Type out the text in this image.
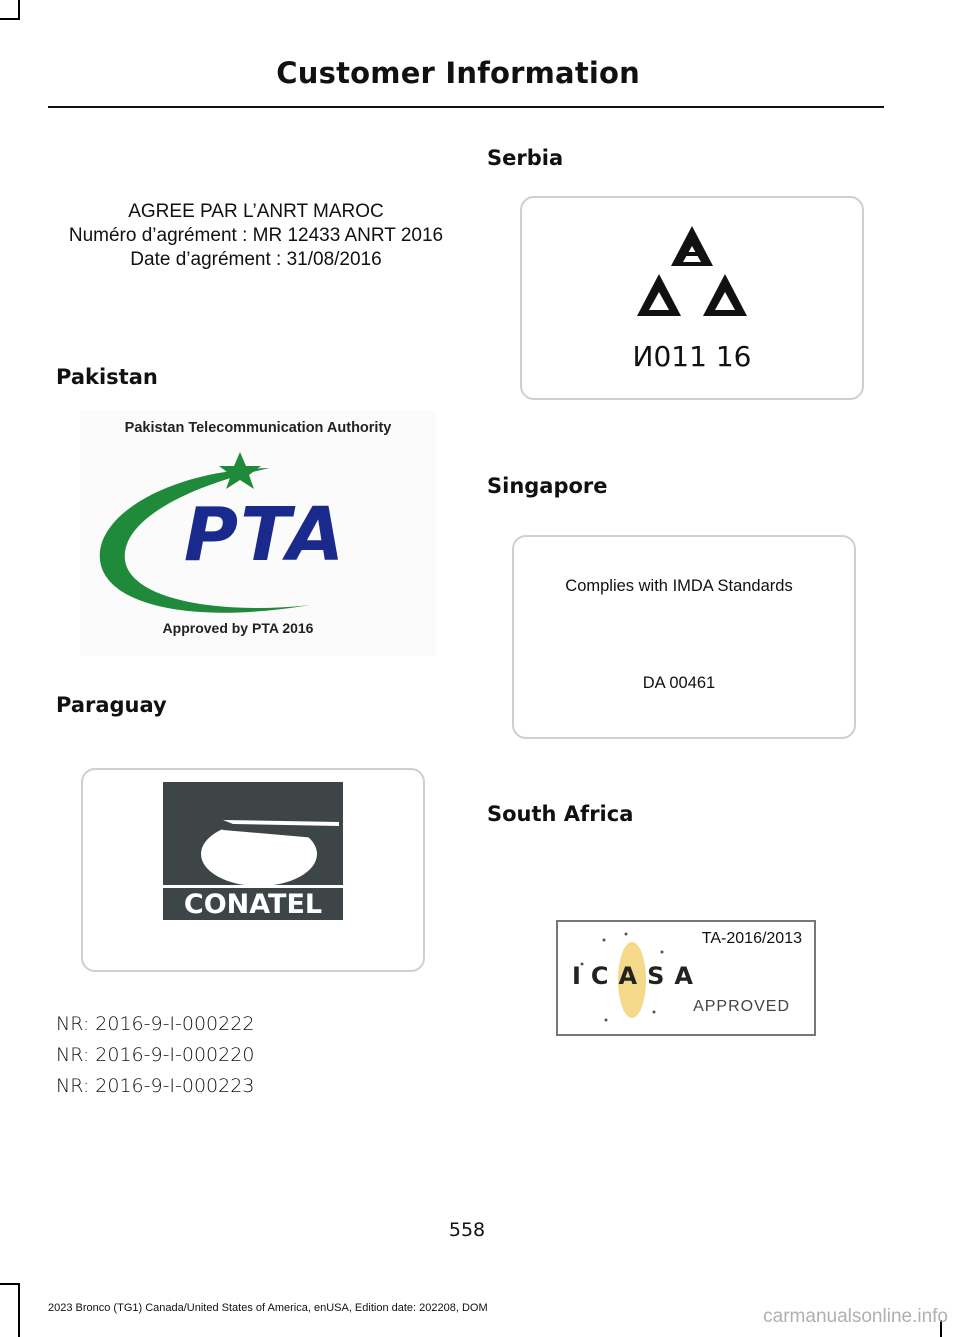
Customer Information
AGREE PAR L’ANRT MAROC
Numéro d’agrément : MR 12433 ANRT 2016
Date d’agrément : 31/08/2016
Pakistan
Pakistan Telecommunication Authority
PTA
Approved by PTA 2016
Paraguay
CONATEL
NR: 2016-9-I-000222
NR: 2016-9-I-000220
NR: 2016-9-I-000223
Serbia
И011 16
Singapore
Complies with IMDA Standards
DA 00461
South Africa
TA-2016/2013
ICASA
APPROVED
558
2023 Bronco (TG1) Canada/United States of America, enUSA, Edition date: 202208, DOM	carmanualsonline.info
